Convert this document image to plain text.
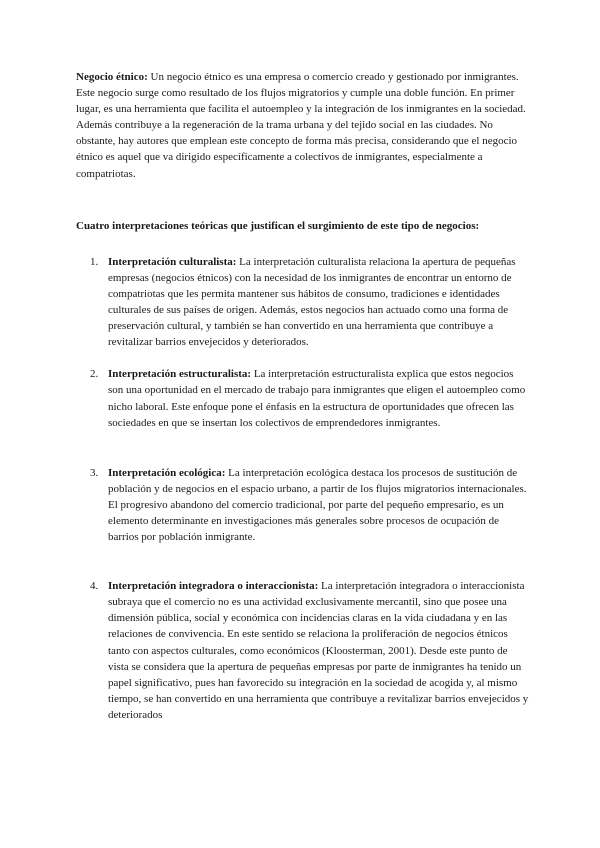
Negocio étnico: Un negocio étnico es una empresa o comercio creado y gestionado por inmigrantes. Este negocio surge como resultado de los flujos migratorios y cumple una doble función. En primer lugar, es una herramienta que facilita el autoempleo y la integración de los inmigrantes en la sociedad. Además contribuye a la regeneración de la trama urbana y del tejido social en las ciudades. No obstante, hay autores que emplean este concepto de forma más precisa, considerando que el negocio étnico es aquel que va dirigido específicamente a colectivos de inmigrantes, especialmente a compatriotas.

Cuatro interpretaciones teóricas que justifican el surgimiento de este tipo de negocios:

1. Interpretación culturalista: La interpretación culturalista relaciona la apertura de pequeñas empresas (negocios étnicos) con la necesidad de los inmigrantes de encontrar un entorno de compatriotas que les permita mantener sus hábitos de consumo, tradiciones e identidades culturales de sus países de origen. Además, estos negocios han actuado como una forma de preservación cultural, y también se han convertido en una herramienta que contribuye a revitalizar barrios envejecidos y deteriorados.
2. Interpretación estructuralista: La interpretación estructuralista explica que estos negocios son una oportunidad en el mercado de trabajo para inmigrantes que eligen el autoempleo como nicho laboral. Este enfoque pone el énfasis en la estructura de oportunidades que ofrecen las sociedades en que se insertan los colectivos de emprendedores inmigrantes.
3. Interpretación ecológica: La interpretación ecológica destaca los procesos de sustitución de población y de negocios en el espacio urbano, a partir de los flujos migratorios internacionales. El progresivo abandono del comercio tradicional, por parte del pequeño empresario, es un elemento determinante en investigaciones más generales sobre procesos de ocupación de barrios por población inmigrante.
4. Interpretación integradora o interaccionista: La interpretación integradora o interaccionista subraya que el comercio no es una actividad exclusivamente mercantil, sino que posee una dimensión pública, social y económica con incidencias claras en la vida ciudadana y en las relaciones de convivencia. En este sentido se relaciona la proliferación de negocios étnicos tanto con aspectos culturales, como económicos (Kloosterman, 2001). Desde este punto de vista se considera que la apertura de pequeñas empresas por parte de inmigrantes ha tenido un papel significativo, pues han favorecido su integración en la sociedad de acogida y, al mismo tiempo, se han convertido en una herramienta que contribuye a revitalizar barrios envejecidos y deteriorados
